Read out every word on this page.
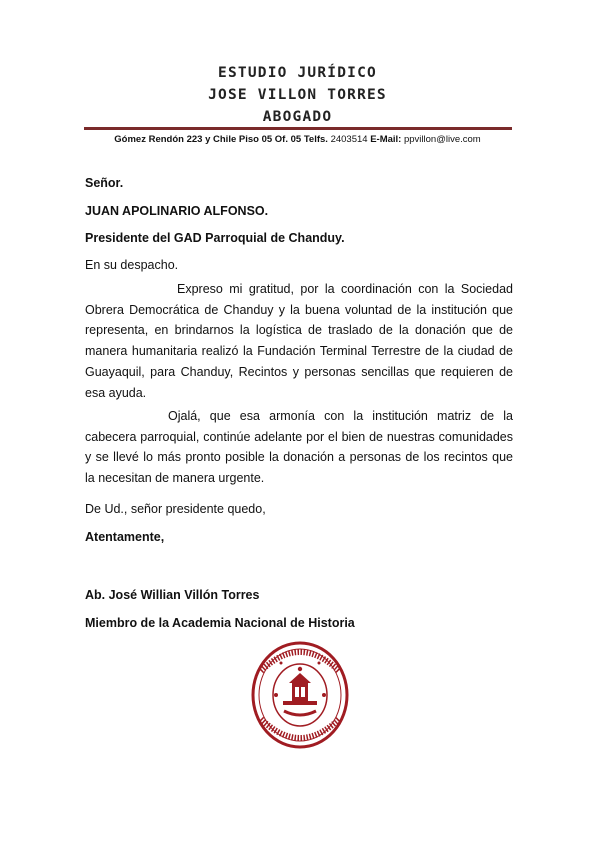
ESTUDIO JURÍDICO
JOSE VILLON TORRES
ABOGADO
Gómez Rendón 223 y Chile Piso 05 Of. 05 Telfs. 2403514 E-Mail: ppvillon@live.com
Señor.
JUAN APOLINARIO ALFONSO.
Presidente del GAD Parroquial de Chanduy.
En su despacho.
Expreso mi gratitud, por la coordinación con la Sociedad Obrera Democrática de Chanduy y la buena voluntad de la institución que representa, en brindarnos la logística de traslado de la donación que de manera humanitaria realizó la Fundación Terminal Terrestre de la ciudad de Guayaquil, para Chanduy, Recintos y personas sencillas que requieren de esa ayuda.
Ojalá, que esa armonía con la institución matriz de la cabecera parroquial, continúe adelante por el bien de nuestras comunidades y se llevé lo más pronto posible la donación a personas de los recintos que la necesitan de manera urgente.
De Ud., señor presidente quedo,
Atentamente,
Ab. José Willian Villón Torres
Miembro de la Academia Nacional de Historia
